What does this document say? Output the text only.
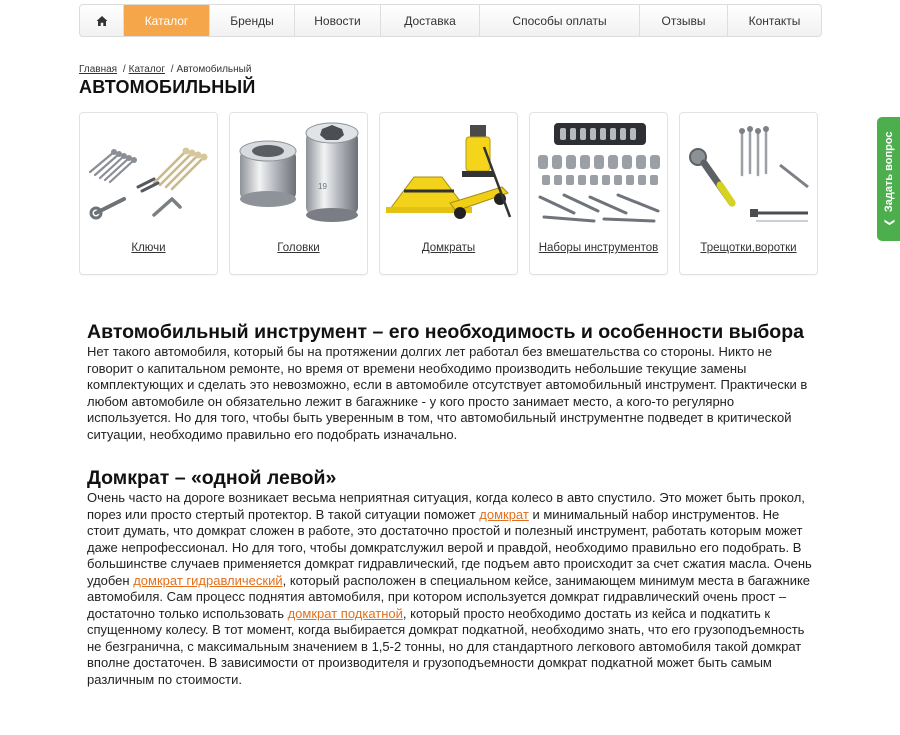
Каталог	Бренды	Новости	Доставка	Способы оплаты	Отзывы	Контакты
Главная / Каталог / Автомобильный
АВТОМОБИЛЬНЫЙ
Ключи
19
Головки	Домкраты	Наборы инструментов	Трещотки,воротки
❮
Задать вопрос
Автомобильный инструмент – его необходимость и особенности выбора

Нет такого автомобиля, который бы на протяжении долгих лет работал без вмешательства со стороны. Никто не говорит о капитальном ремонте, но время от времени необходимо производить небольшие текущие замены комплектующих и сделать это невозможно, если в автомобиле отсутствует автомобильный инструмент. Практически в любом автомобиле он обязательно лежит в багажнике - у кого просто занимает место, а кого-то регулярно используется. Но для того, чтобы быть уверенным в том, что автомобильный инструментне подведет в критической ситуации, необходимо правильно его подобрать изначально.

Домкрат – «одной левой»

Очень часто на дороге возникает весьма неприятная ситуация, когда колесо в авто спустило. Это может быть прокол, порез или просто стертый протектор. В такой ситуации поможет домкрат и минимальный набор инструментов. Не стоит думать, что домкрат сложен в работе, это достаточно простой и полезный инструмент, работать которым может даже непрофессионал. Но для того, чтобы домкратслужил верой и правдой, необходимо правильно его подобрать. В большинстве случаев применяется домкрат гидравлический, где подъем авто происходит за счет сжатия масла. Очень удобен домкрат гидравлический, который расположен в специальном кейсе, занимающем минимум места в багажнике автомобиля. Сам процесс поднятия автомобиля, при котором используется домкрат гидравлический очень прост – достаточно только использовать домкрат подкатной, который просто необходимо достать из кейса и подкатить к спущенному колесу. В тот момент, когда выбирается домкрат подкатной, необходимо знать, что его грузоподъемность не безгранична, с максимальным значением в 1,5-2 тонны, но для стандартного легкового автомобиля такой домкрат вполне достаточен. В зависимости от производителя и грузоподъемности домкрат подкатной может быть самым различным по стоимости.
